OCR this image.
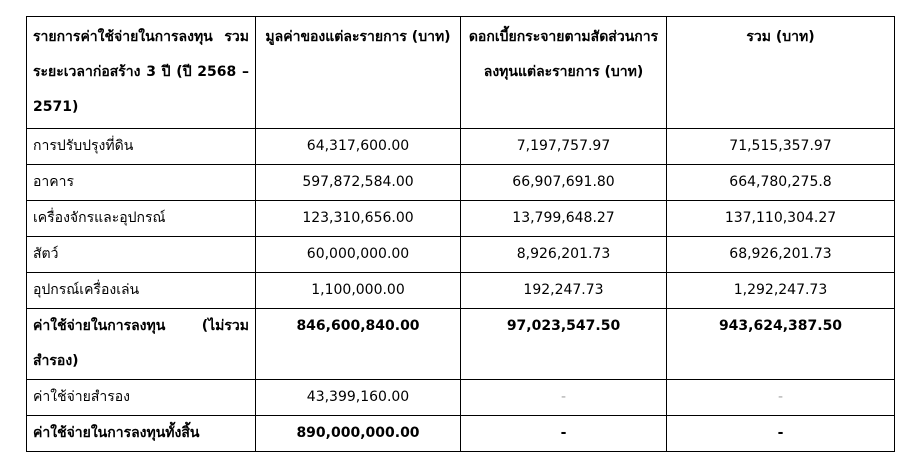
รายการค่าใช้จ่ายในการลงทุน รวมระยะเวลาก่อสร้าง 3 ปี (ปี 2568 – 2571)	มูลค่าของแต่ละรายการ (บาท)	ดอกเบี้ยกระจายตามสัดส่วนการลงทุนแต่ละรายการ (บาท)	รวม (บาท)
การปรับปรุงที่ดิน	64,317,600.00	7,197,757.97	71,515,357.97
อาคาร	597,872,584.00	66,907,691.80	664,780,275.8
เครื่องจักรและอุปกรณ์	123,310,656.00	13,799,648.27	137,110,304.27
สัตว์	60,000,000.00	8,926,201.73	68,926,201.73
อุปกรณ์เครื่องเล่น	1,100,000.00	192,247.73	1,292,247.73
ค่าใช้จ่ายในการลงทุน (ไม่รวมสำรอง)	846,600,840.00	97,023,547.50	943,624,387.50
ค่าใช้จ่ายสำรอง	43,399,160.00	-	-
ค่าใช้จ่ายในการลงทุนทั้งสิ้น	890,000,000.00	-	-
